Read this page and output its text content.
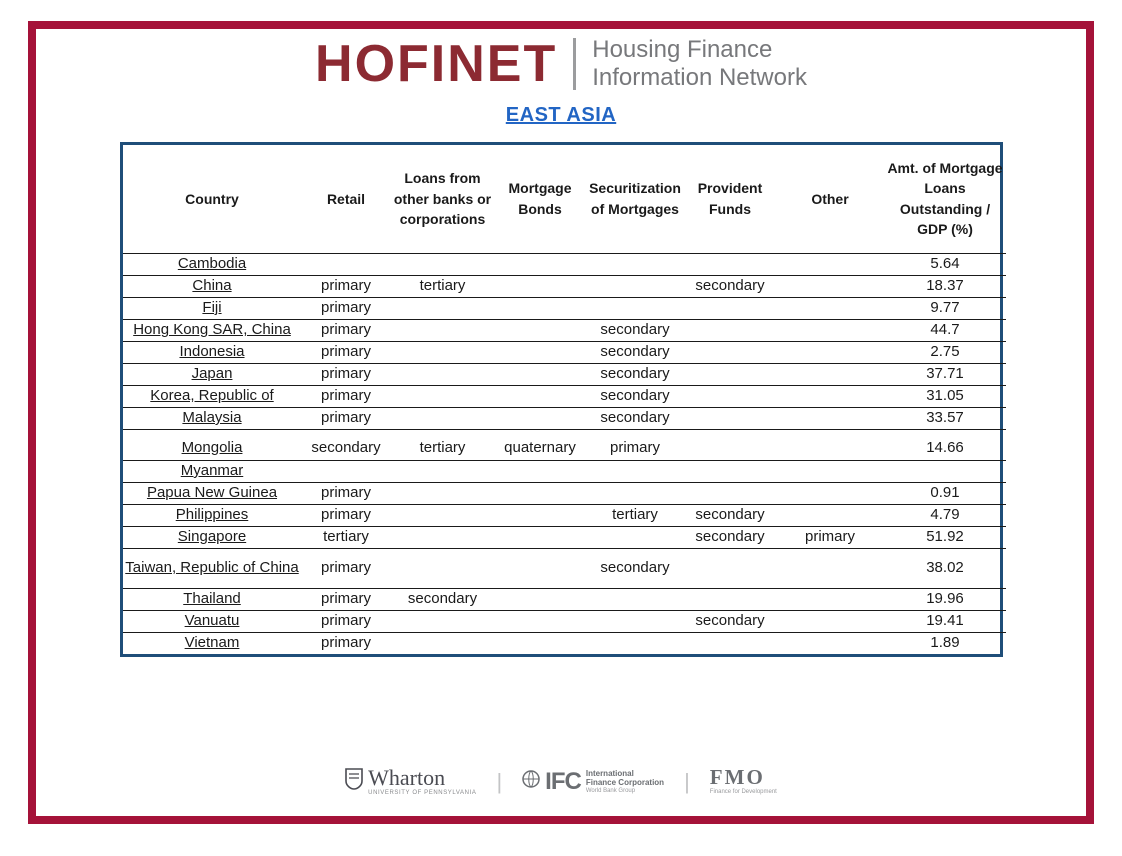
HOFINET Housing Finance
Information Network
EAST ASIA
Country	Retail	Loans from other banks or corporations	Mortgage Bonds	Securitization of Mortgages	Provident Funds	Other	Amt. of Mortgage Loans Outstanding / GDP (%)
Cambodia							5.64
China	primary	tertiary			secondary		18.37
Fiji	primary						9.77
Hong Kong SAR, China	primary			secondary			44.7
Indonesia	primary			secondary			2.75
Japan	primary			secondary			37.71
Korea, Republic of	primary			secondary			31.05
Malaysia	primary			secondary			33.57
Mongolia	secondary	tertiary	quaternary	primary			14.66
Myanmar							
Papua New Guinea	primary						0.91
Philippines	primary			tertiary	secondary		4.79
Singapore	tertiary				secondary	primary	51.92
Taiwan, Republic of China	primary			secondary			38.02
Thailand	primary	secondary					19.96
Vanuatu	primary				secondary		19.41
Vietnam	primary						1.89
Wharton
UNIVERSITY OF PENNSYLVANIA | IFC International
Finance Corporation
World Bank Group	| FMO
Finance for Development
